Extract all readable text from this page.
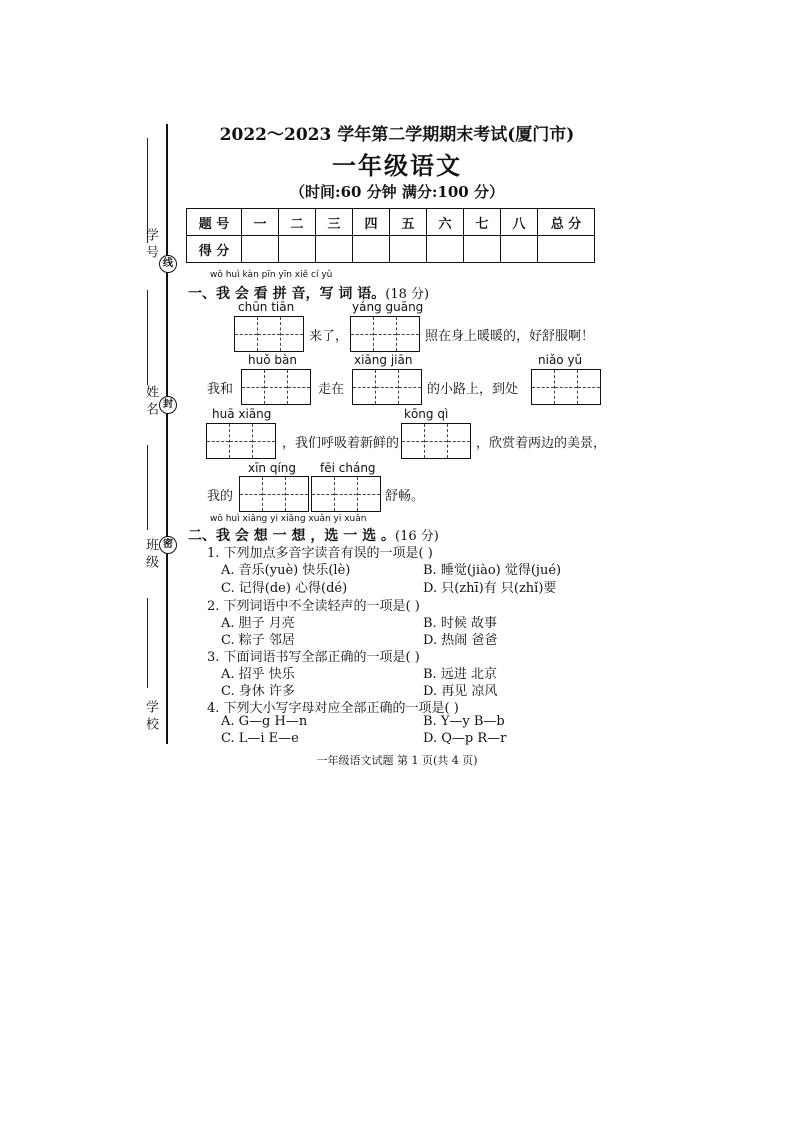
2022～2023 学年第二学期期末考试(厦门市)
一年级语文
（时间:60 分钟 满分:100 分）
学 号
姓 名
班 级
学 校
线
封
密
题 号	一	二	三	四	五	六	七	八	总 分
得 分									
wǒ huì kàn pīn yīn xiě cí yǔ
一、我 会 看 拼 音，写 词 语。(18 分)
chūn tiān	yáng guāng
来了，	照在身上暖暖的，好舒服啊！
huǒ bàn	xiāng jiān	niǎo yǔ
我和	走在	的小路上，到处
huā xiāng	kōng qì
，我们呼吸着新鲜的	，欣赏着两边的美景，
xīn qíng fēi cháng
我的	舒畅。
wǒ huì xiǎng yi xiǎng xuǎn yi xuǎn
二、我 会 想 一 想 ，选 一 选 。(16 分)
1. 下列加点多音字读音有误的一项是( )
A. 音乐(yuè) 快乐(lè)	B. 睡觉(jiào) 觉得(jué)
C. 记得(de) 心得(dé)	D. 只(zhī)有 只(zhǐ)要
2. 下列词语中不全读轻声的一项是( )
A. 胆子 月亮	B. 时候 故事
C. 粽子 邻居	D. 热闹 爸爸
3. 下面词语书写全部正确的一项是( )
A. 招乎 快乐	B. 远进 北京
C. 身休 许多	D. 再见 凉风
4. 下列大小写字母对应全部正确的一项是( )
A. G—g H—n	B. Y—y B—b
C. L—i E—e	D. Q—p R—r
一年级语文试题 第 1 页(共 4 页)
